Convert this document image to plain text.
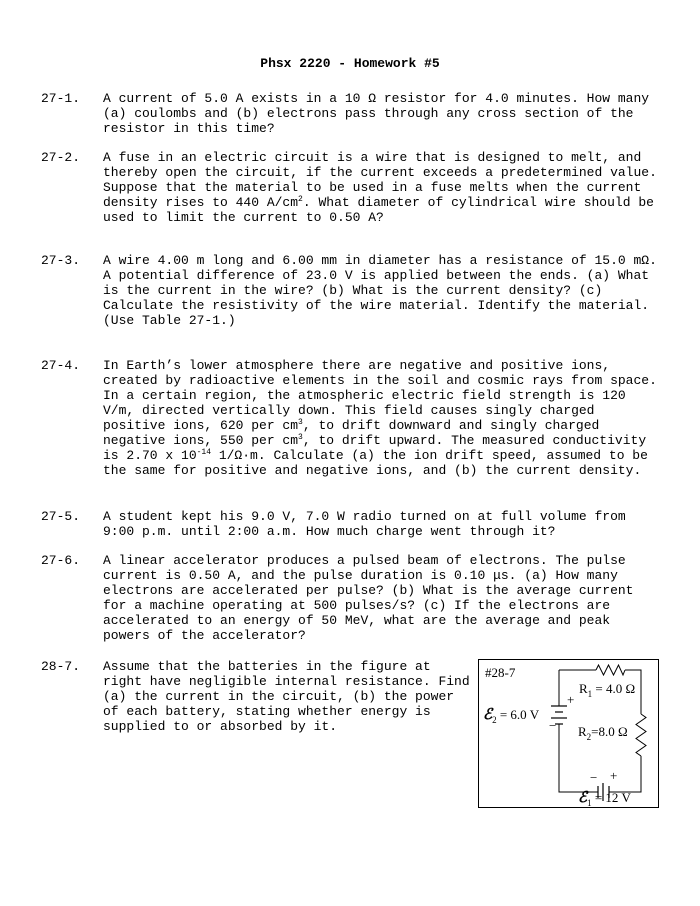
Phsx 2220 - Homework #5
27-1.	A current of 5.0 A exists in a 10 Ω resistor for 4.0 minutes. How many (a) coulombs and (b) electrons pass through any cross section of the resistor in this time?
27-2.	A fuse in an electric circuit is a wire that is designed to melt, and thereby open the circuit, if the current exceeds a predetermined value. Suppose that the material to be used in a fuse melts when the current density rises to 440 $A/cm^2$. What diameter of cylindrical wire should be used to limit the current to 0.50 A?
27-3.	A wire 4.00 m long and 6.00 mm in diameter has a resistance of 15.0 mΩ. A potential difference of 23.0 V is applied between the ends. (a) What is the current in the wire? (b) What is the current density? (c) Calculate the resistivity of the wire material. Identify the material. (Use Table 27-1.)
27-4.	In Earth’s lower atmosphere there are negative and positive ions, created by radioactive elements in the soil and cosmic rays from space. In a certain region, the atmospheric electric field strength is 120 V/m, directed vertically down. This field causes singly charged positive ions, 620 per $cm^3$, to drift downward and singly charged negative ions, 550 per $cm^3$, to drift upward. The measured conductivity is 2.70 x $10^{-14}$ 1/Ω·m. Calculate (a) the ion drift speed, assumed to be the same for positive and negative ions, and (b) the current density.
27-5.	A student kept his 9.0 V, 7.0 W radio turned on at full volume from 9:00 p.m. until 2:00 a.m. How much charge went through it?
27-6.	A linear accelerator produces a pulsed beam of electrons. The pulse current is 0.50 A, and the pulse duration is 0.10 μs. (a) How many electrons are accelerated per pulse? (b) What is the average current for a machine operating at 500 pulses/s? (c) If the electrons are accelerated to an energy of 50 MeV, what are the average and peak powers of the accelerator?
28-7.	Assume that the batteries in the figure at right have negligible internal resistance. Find (a) the current in the circuit, (b) the power of each battery, stating whether energy is supplied to or absorbed by it.
#28-7
$R_1 = 4.0$ Ω
$R_2=8.0$ Ω
ℰ$_2$ = 6.0 V
ℰ$_1$ = 12 V
+
−
+
−
